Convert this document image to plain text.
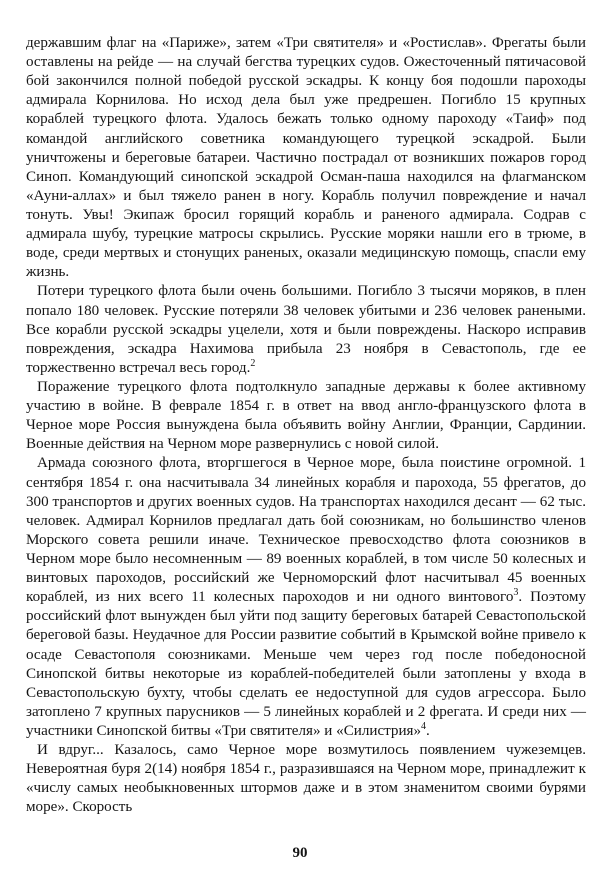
державшим флаг на «Париже», затем «Три святителя» и «Ростислав». Фрегаты были оставлены на рейде — на случай бегства турецких судов. Ожесточенный пятичасовой бой закончился полной победой русской эскадры. К концу боя подошли пароходы адмирала Корнилова. Но исход дела был уже предрешен. Погибло 15 крупных кораблей турецкого флота. Удалось бежать только одному пароходу «Таиф» под командой английского советника командующего турецкой эскадрой. Были уничтожены и береговые батареи. Частично пострадал от возникших пожаров город Синоп. Командующий синопской эскадрой Осман-паша находился на флагманском «Ауни-аллах» и был тяжело ранен в ногу. Корабль получил повреждение и начал тонуть. Увы! Экипаж бросил горящий корабль и раненого адмирала. Содрав с адмирала шубу, турецкие матросы скрылись. Русские моряки нашли его в трюме, в воде, среди мертвых и стонущих раненых, оказали медицинскую помощь, спасли ему жизнь.

Потери турецкого флота были очень большими. Погибло 3 тысячи моряков, в плен попало 180 человек. Русские потеряли 38 человек убитыми и 236 человек ранеными. Все корабли русской эскадры уцелели, хотя и были повреждены. Наскоро исправив повреждения, эскадра Нахимова прибыла 23 ноября в Севастополь, где ее торжественно встречал весь город.$^2$

Поражение турецкого флота подтолкнуло западные державы к более активному участию в войне. В феврале 1854 г. в ответ на ввод англо-французского флота в Черное море Россия вынуждена была объявить войну Англии, Франции, Сардинии. Военные действия на Черном море развернулись с новой силой.

Армада союзного флота, вторгшегося в Черное море, была поистине огромной. 1 сентября 1854 г. она насчитывала 34 линейных корабля и парохода, 55 фрегатов, до 300 транспортов и других военных судов. На транспортах находился десант — 62 тыс. человек. Адмирал Корнилов предлагал дать бой союзникам, но большинство членов Морского совета решили иначе. Техническое превосходство флота союзников в Черном море было несомненным — 89 военных кораблей, в том числе 50 колесных и винтовых пароходов, российский же Черноморский флот насчитывал 45 военных кораблей, из них всего 11 колесных пароходов и ни одного винтового$^3$. Поэтому российский флот вынужден был уйти под защиту береговых батарей Севастопольской береговой базы. Неудачное для России развитие событий в Крымской войне привело к осаде Севастополя союзниками. Меньше чем через год после победоносной Синопской битвы некоторые из кораблей-победителей были затоплены у входа в Севастопольскую бухту, чтобы сделать ее недоступной для судов агрессора. Было затоплено 7 крупных парусников — 5 линейных кораблей и 2 фрегата. И среди них — участники Синопской битвы «Три святителя» и «Силистрия»$^4$.

И вдруг... Казалось, само Черное море возмутилось появлением чужеземцев. Невероятная буря 2(14) ноября 1854 г., разразившаяся на Черном море, принадлежит к «числу самых необыкновенных штормов даже и в этом знаменитом своими бурями море». Скорость

90
